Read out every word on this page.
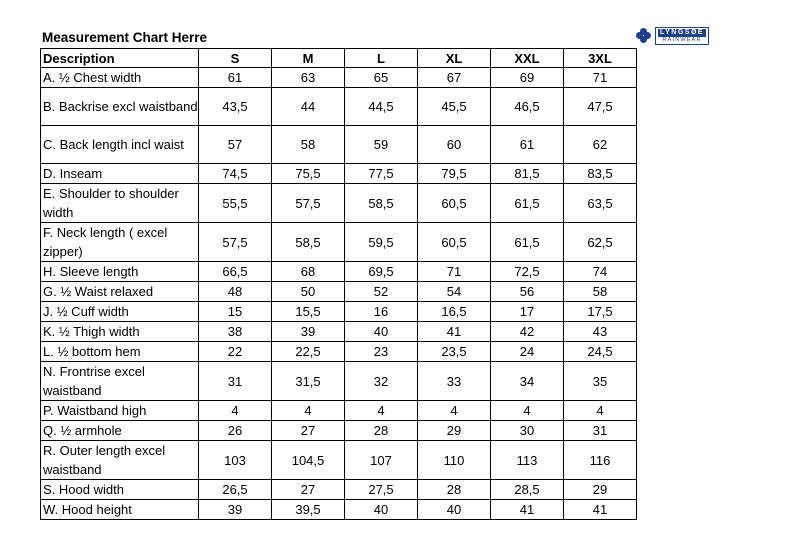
Measurement Chart Herre	LYNGSØE
RAINWEAR
Description	S	M	L	XL	XXL	3XL
A. ½ Chest width	61	63	65	67	69	71
B. Backrise excl waistband	43,5	44	44,5	45,5	46,5	47,5
C. Back length incl waist	57	58	59	60	61	62
D. Inseam	74,5	75,5	77,5	79,5	81,5	83,5
E. Shoulder to shoulder width	55,5	57,5	58,5	60,5	61,5	63,5
F. Neck length ( excel zipper)	57,5	58,5	59,5	60,5	61,5	62,5
H. Sleeve length	66,5	68	69,5	71	72,5	74
G. ½ Waist relaxed	48	50	52	54	56	58
J. ½ Cuff width	15	15,5	16	16,5	17	17,5
K. ½ Thigh width	38	39	40	41	42	43
L. ½ bottom hem	22	22,5	23	23,5	24	24,5
N. Frontrise excel waistband	31	31,5	32	33	34	35
P. Waistband high	4	4	4	4	4	4
Q. ½ armhole	26	27	28	29	30	31
R. Outer length excel waistband	103	104,5	107	110	113	116
S. Hood width	26,5	27	27,5	28	28,5	29
W. Hood height	39	39,5	40	40	41	41
